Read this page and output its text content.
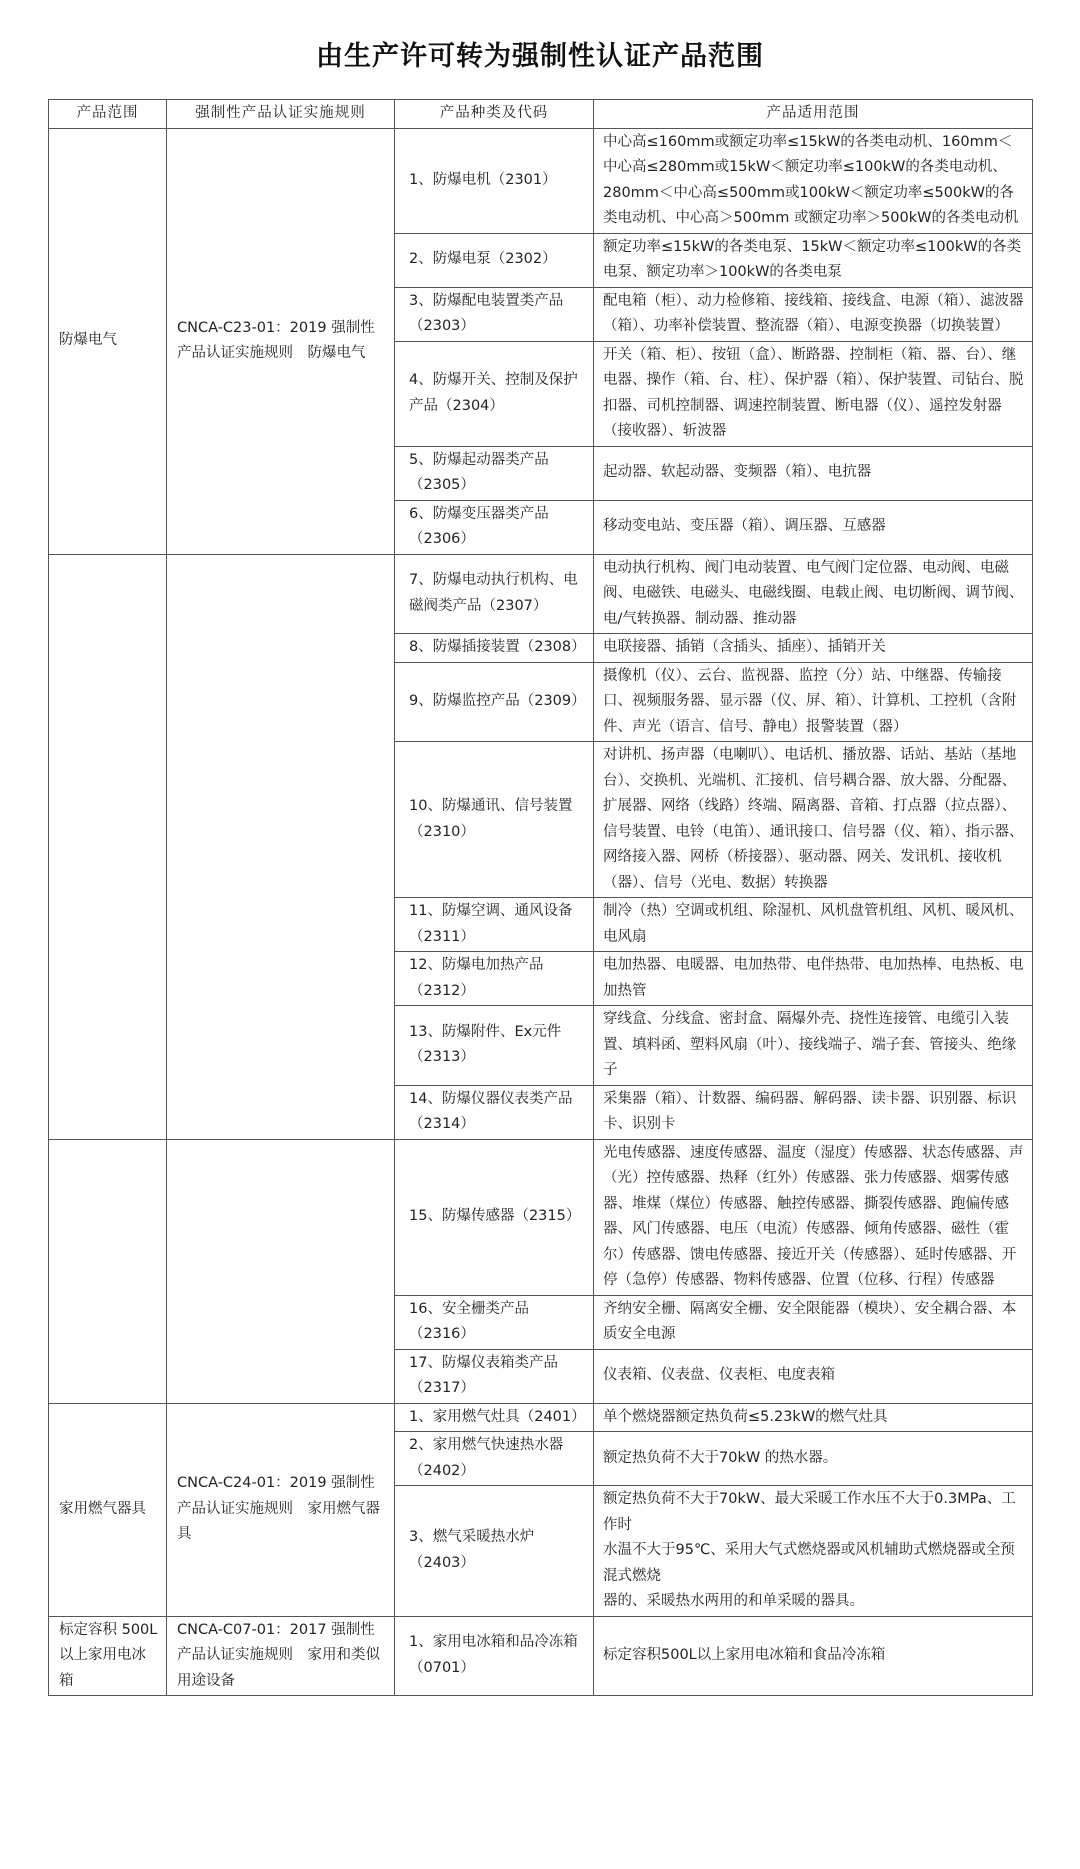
由生产许可转为强制性认证产品范围
产品范围	强制性产品认证实施规则	产品种类及代码	产品适用范围
防爆电气	CNCA-C23-01：2019 强制性产品认证实施规则　防爆电气	1、防爆电机（2301）	中心高≤160mm或额定功率≤15kW的各类电动机、160mm＜中心高≤280mm或15kW＜额定功率≤100kW的各类电动机、280mm＜中心高≤500mm或100kW＜额定功率≤500kW的各类电动机、中心高＞500mm 或额定功率＞500kW的各类电动机
		2、防爆电泵（2302）	额定功率≤15kW的各类电泵、15kW＜额定功率≤100kW的各类电泵、额定功率＞100kW的各类电泵
		3、防爆配电装置类产品（2303）	配电箱（柜）、动力检修箱、接线箱、接线盒、电源（箱）、滤波器（箱）、功率补偿装置、整流器（箱）、电源变换器（切换装置）
		4、防爆开关、控制及保护产品（2304）	开关（箱、柜）、按钮（盒）、断路器、控制柜（箱、器、台）、继电器、操作（箱、台、柱）、保护器（箱）、保护装置、司钻台、脱扣器、司机控制器、调速控制装置、断电器（仪）、遥控发射器（接收器）、斩波器
		5、防爆起动器类产品（2305）	起动器、软起动器、变频器（箱）、电抗器
		6、防爆变压器类产品（2306）	移动变电站、变压器（箱）、调压器、互感器
		7、防爆电动执行机构、电磁阀类产品（2307）	电动执行机构、阀门电动装置、电气阀门定位器、电动阀、电磁阀、电磁铁、电磁头、电磁线圈、电载止阀、电切断阀、调节阀、电/气转换器、制动器、推动器
		8、防爆插接装置（2308）	电联接器、插销（含插头、插座）、插销开关
		9、防爆监控产品（2309）	摄像机（仪）、云台、监视器、监控（分）站、中继器、传输接口、视频服务器、显示器（仪、屏、箱）、计算机、工控机（含附件、声光（语言、信号、静电）报警装置（器）
		10、防爆通讯、信号装置（2310）	对讲机、扬声器（电喇叭）、电话机、播放器、话站、基站（基地台）、交换机、光端机、汇接机、信号耦合器、放大器、分配器、扩展器、网络（线路）终端、隔离器、音箱、打点器（拉点器）、信号装置、电铃（电笛）、通讯接口、信号器（仪、箱）、指示器、网络接入器、网桥（桥接器）、驱动器、网关、发讯机、接收机（器）、信号（光电、数据）转换器
		11、防爆空调、通风设备（2311）	制冷（热）空调或机组、除湿机、风机盘管机组、风机、暖风机、电风扇
		12、防爆电加热产品（2312）	电加热器、电暖器、电加热带、电伴热带、电加热棒、电热板、电加热管
		13、防爆附件、Ex元件（2313）	穿线盒、分线盒、密封盒、隔爆外壳、挠性连接管、电缆引入装置、填料函、塑料风扇（叶）、接线端子、端子套、管接头、绝缘子
		14、防爆仪器仪表类产品（2314）	采集器（箱）、计数器、编码器、解码器、读卡器、识别器、标识卡、识别卡
		15、防爆传感器（2315）	光电传感器、速度传感器、温度（湿度）传感器、状态传感器、声（光）控传感器、热释（红外）传感器、张力传感器、烟雾传感器、堆煤（煤位）传感器、触控传感器、撕裂传感器、跑偏传感器、风门传感器、电压（电流）传感器、倾角传感器、磁性（霍尔）传感器、馈电传感器、接近开关（传感器）、延时传感器、开停（急停）传感器、物料传感器、位置（位移、行程）传感器
		16、安全栅类产品（2316）	齐纳安全栅、隔离安全栅、安全限能器（模块）、安全耦合器、本质安全电源
		17、防爆仪表箱类产品（2317）	仪表箱、仪表盘、仪表柜、电度表箱
家用燃气器具	CNCA-C24-01：2019 强制性产品认证实施规则　家用燃气器具	1、家用燃气灶具（2401）	单个燃烧器额定热负荷≤5.23kW的燃气灶具
		2、家用燃气快速热水器（2402）	额定热负荷不大于70kW 的热水器。
		3、燃气采暖热水炉（2403）	额定热负荷不大于70kW、最大采暖工作水压不大于0.3MPa、工作时
水温不大于95℃、采用大气式燃烧器或风机辅助式燃烧器或全预混式燃烧
器的、采暖热水两用的和单采暖的器具。
标定容积 500L 以上家用电冰箱	CNCA-C07-01：2017 强制性产品认证实施规则　家用和类似用途设备	1、家用电冰箱和品冷冻箱（0701）	标定容积500L以上家用电冰箱和食品冷冻箱
